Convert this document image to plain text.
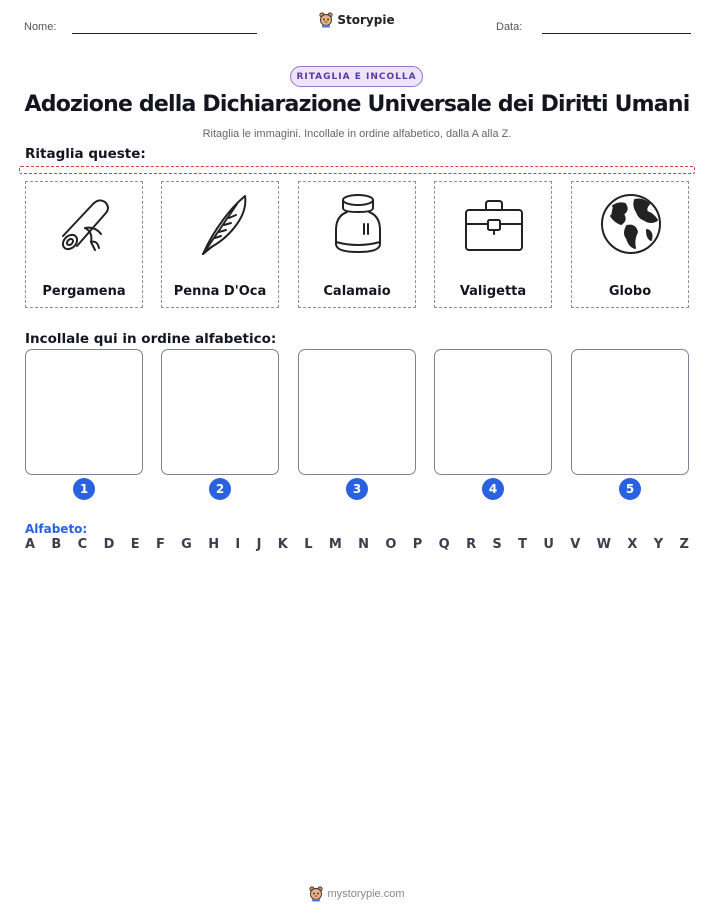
Nome:	Storypie	Data:
RITAGLIA E INCOLLA
Adozione della Dichiarazione Universale dei Diritti Umani
Ritaglia le immagini. Incollale in ordine alfabetico, dalla A alla Z.
Ritaglia queste:
Pergamena	Penna D'Oca	Calamaio	Valigetta	Globo
Incollale qui in ordine alfabetico:
1	2	3	4	5
Alfabeto:
A B C D E F G H I J K L M N O P Q R S T U V W X Y Z
mystorypie.com
